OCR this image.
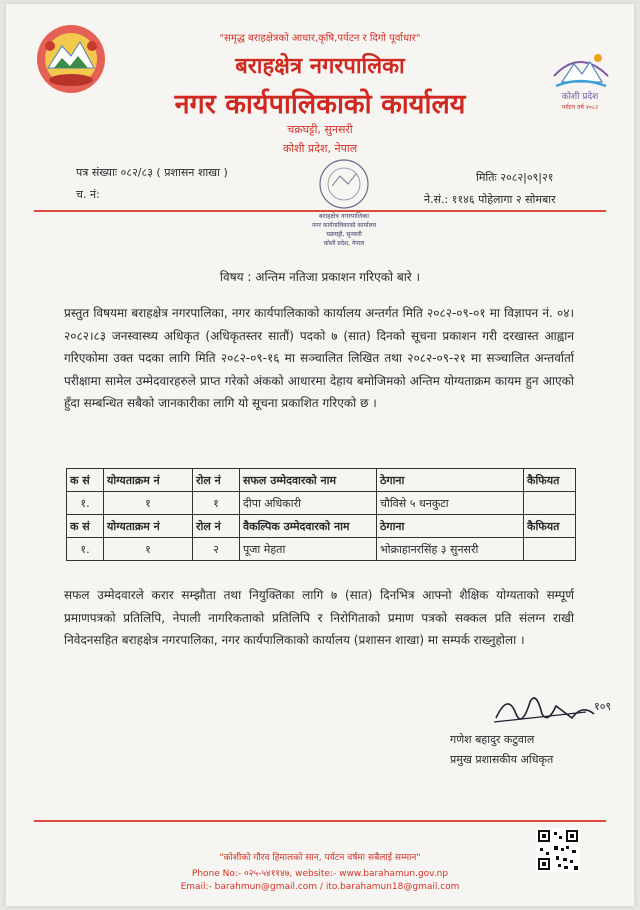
कोशी प्रदेश
पर्यटन वर्ष २०८२
"समृद्ध बराहक्षेत्रको आधार,कृषि,पर्यटन र दिगो पूर्वाधार"
बराहक्षेत्र नगरपालिका
नगर कार्यपालिकाको कार्यालय
चक्रघट्टी, सुनसरी
कोशी प्रदेश, नेपाल
पत्र संख्याः ०८२/८३ ( प्रशासन शाखा )
च. नं:
मितिः २०८२|०९|२१
ने.सं.: ११४६ पोहेलागा २ सोमबार
बराहक्षेत्र नगरपालिका
नगर कार्यपालिकाको कार्यालय
चक्रघट्टी, सुनसरी
कोशी प्रदेश, नेपाल
विषय : अन्तिम नतिजा प्रकाशन गरिएको बारे ।
प्रस्तुत विषयमा बराहक्षेत्र नगरपालिका, नगर कार्यपालिकाको कार्यालय अन्तर्गत मिति २०८२-०९-०१ मा विज्ञापन नं. ०४।२०८२।८३ जनस्वास्थ्य अधिकृत (अधिकृतस्तर सातौं) पदको ७ (सात) दिनको सूचना प्रकाशन गरी दरखास्त आह्वान गरिएकोमा उक्त पदका लागि मिति २०८२-०९-१६ मा सञ्चालित लिखित तथा २०८२-०९-२१ मा सञ्चालित अन्तर्वार्ता परीक्षामा सामेल उम्मेदवारहरुले प्राप्त गरेको अंकको आधारमा देहाय बमोजिमको अन्तिम योग्यताक्रम कायम हुन आएको हुँदा सम्बन्धित सबैको जानकारीका लागि यो सूचना प्रकाशित गरिएको छ ।
क सं	योग्यताक्रम नं	रोल नं	सफल उम्मेदवारको नाम	ठेगाना	कैफियत
१.	१	१	दीपा अधिकारी	चौविसे ५ धनकुटा	
क सं	योग्यताक्रम नं	रोल नं	वैकल्पिक उम्मेदवारको नाम	ठेगाना	कैफियत
१.	१	२	पूजा मेहता	भोक्राहानरसिंह ३ सुनसरी	
सफल उम्मेदवारले करार सम्झौता तथा नियुक्तिका लागि ७ (सात) दिनभित्र आफ्नो शैक्षिक योग्यताको सम्पूर्ण प्रमाणपत्रको प्रतिलिपि, नेपाली नागरिकताको प्रतिलिपि र निरोगिताको प्रमाण पत्रको सक्कल प्रति संलग्न राखी निवेदनसहित बराहक्षेत्र नगरपालिका, नगर कार्यपालिकाको कार्यालय (प्रशासन शाखा) मा सम्पर्क राख्नुहोला ।
१०९
गणेश बहादुर कटुवाल
प्रमुख प्रशासकीय अधिकृत
"कोशीको गौरव हिमालको सान, पर्यटन वर्षमा सबैलाई सम्मान"
Phone No:- ०२५-५४११४७, website:- www.barahamun.gov.np
Email:- barahmun@gmail.com / ito.barahamun18@gmail.com
